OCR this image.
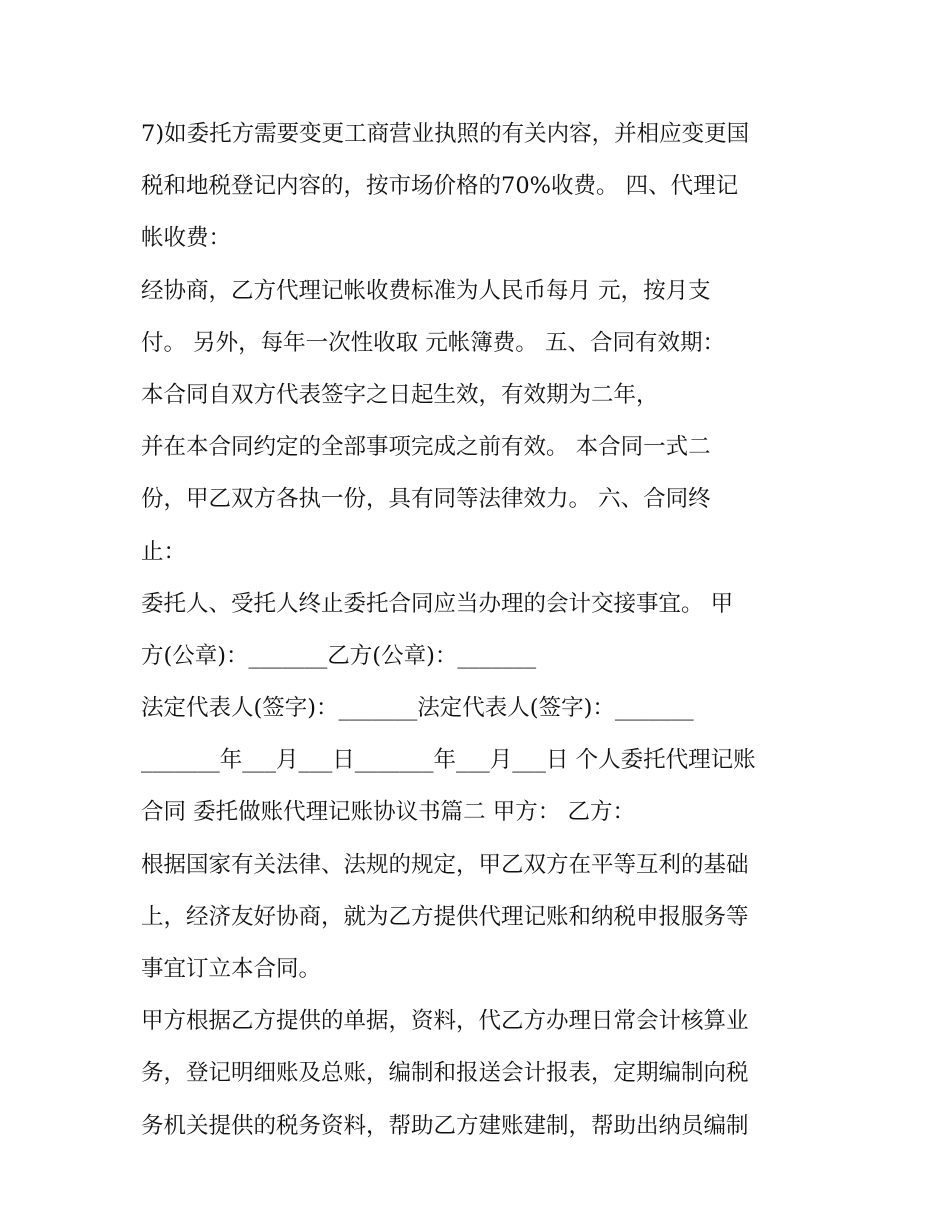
7)如委托方需要变更工商营业执照的有关内容，并相应变更国
税和地税登记内容的，按市场价格的70%收费。 四、代理记
帐收费：
经协商，乙方代理记帐收费标准为人民币每月 元，按月支
付。 另外，每年一次性收取 元帐簿费。 五、合同有效期：
本合同自双方代表签字之日起生效，有效期为二年，
并在本合同约定的全部事项完成之前有效。 本合同一式二
份，甲乙双方各执一份，具有同等法律效力。 六、合同终
止：
委托人、受托人终止委托合同应当办理的会计交接事宜。 甲
方(公章)：_______乙方(公章)：_______
法定代表人(签字)：_______法定代表人(签字)：_______
_______年___月___日_______年___月___日 个人委托代理记账
合同 委托做账代理记账协议书篇二 甲方： 乙方：
根据国家有关法律、法规的规定，甲乙双方在平等互利的基础
上，经济友好协商，就为乙方提供代理记账和纳税申报服务等
事宜订立本合同。
甲方根据乙方提供的单据，资料，代乙方办理日常会计核算业
务，登记明细账及总账，编制和报送会计报表，定期编制向税
务机关提供的税务资料，帮助乙方建账建制，帮助出纳员编制
